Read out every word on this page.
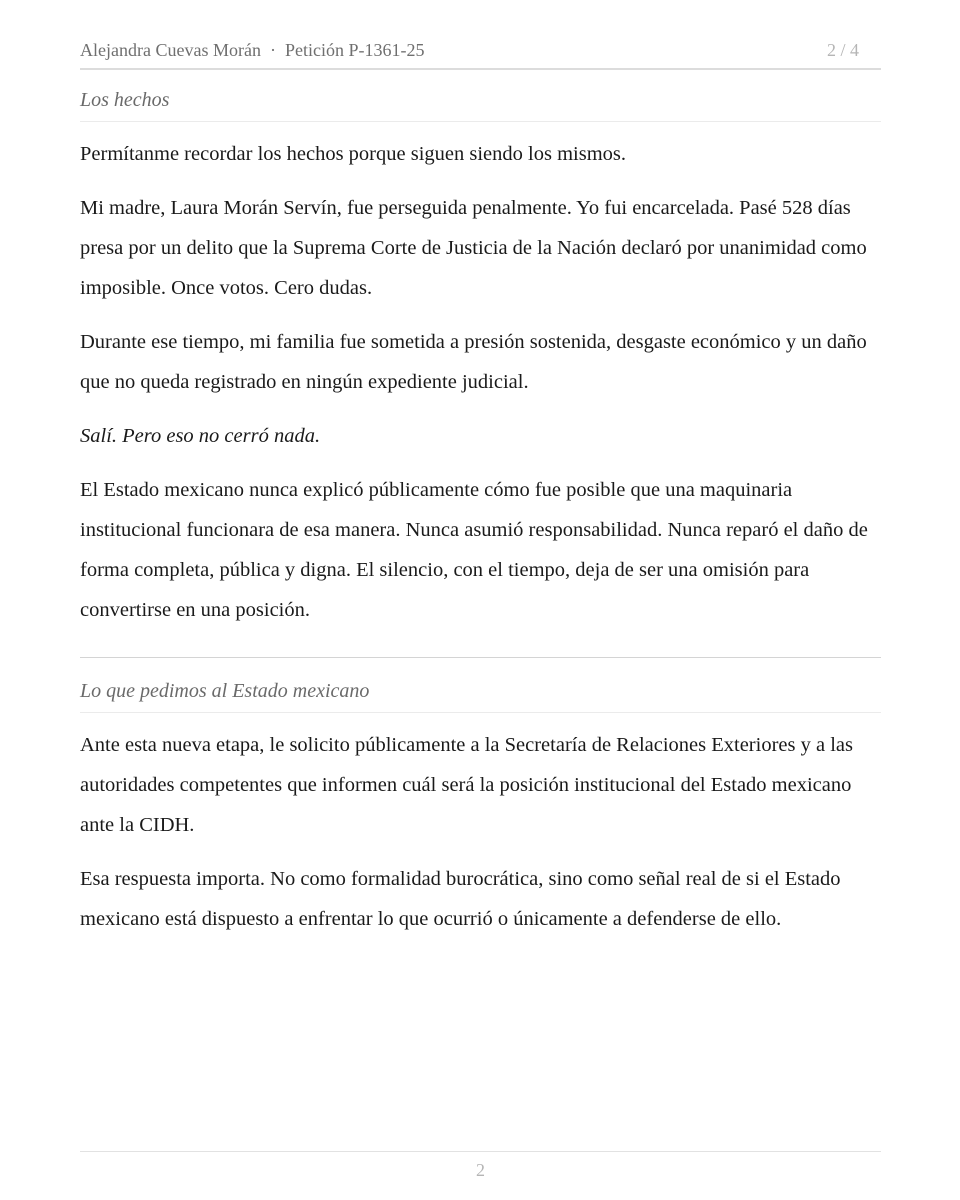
Alejandra Cuevas Morán · Petición P-1361-25	2 / 4
Los hechos

Permítanme recordar los hechos porque siguen siendo los mismos.

Mi madre, Laura Morán Servín, fue perseguida penalmente. Yo fui encarcelada. Pasé 528 días presa por un delito que la Suprema Corte de Justicia de la Nación declaró por unanimidad como imposible. Once votos. Cero dudas.

Durante ese tiempo, mi familia fue sometida a presión sostenida, desgaste económico y un daño que no queda registrado en ningún expediente judicial.

Salí. Pero eso no cerró nada.

El Estado mexicano nunca explicó públicamente cómo fue posible que una maquinaria institucional funcionara de esa manera. Nunca asumió responsabilidad. Nunca reparó el daño de forma completa, pública y digna. El silencio, con el tiempo, deja de ser una omisión para convertirse en una posición.

Lo que pedimos al Estado mexicano

Ante esta nueva etapa, le solicito públicamente a la Secretaría de Relaciones Exteriores y a las autoridades competentes que informen cuál será la posición institucional del Estado mexicano ante la CIDH.

Esa respuesta importa. No como formalidad burocrática, sino como señal real de si el Estado mexicano está dispuesto a enfrentar lo que ocurrió o únicamente a defenderse de ello.

2
